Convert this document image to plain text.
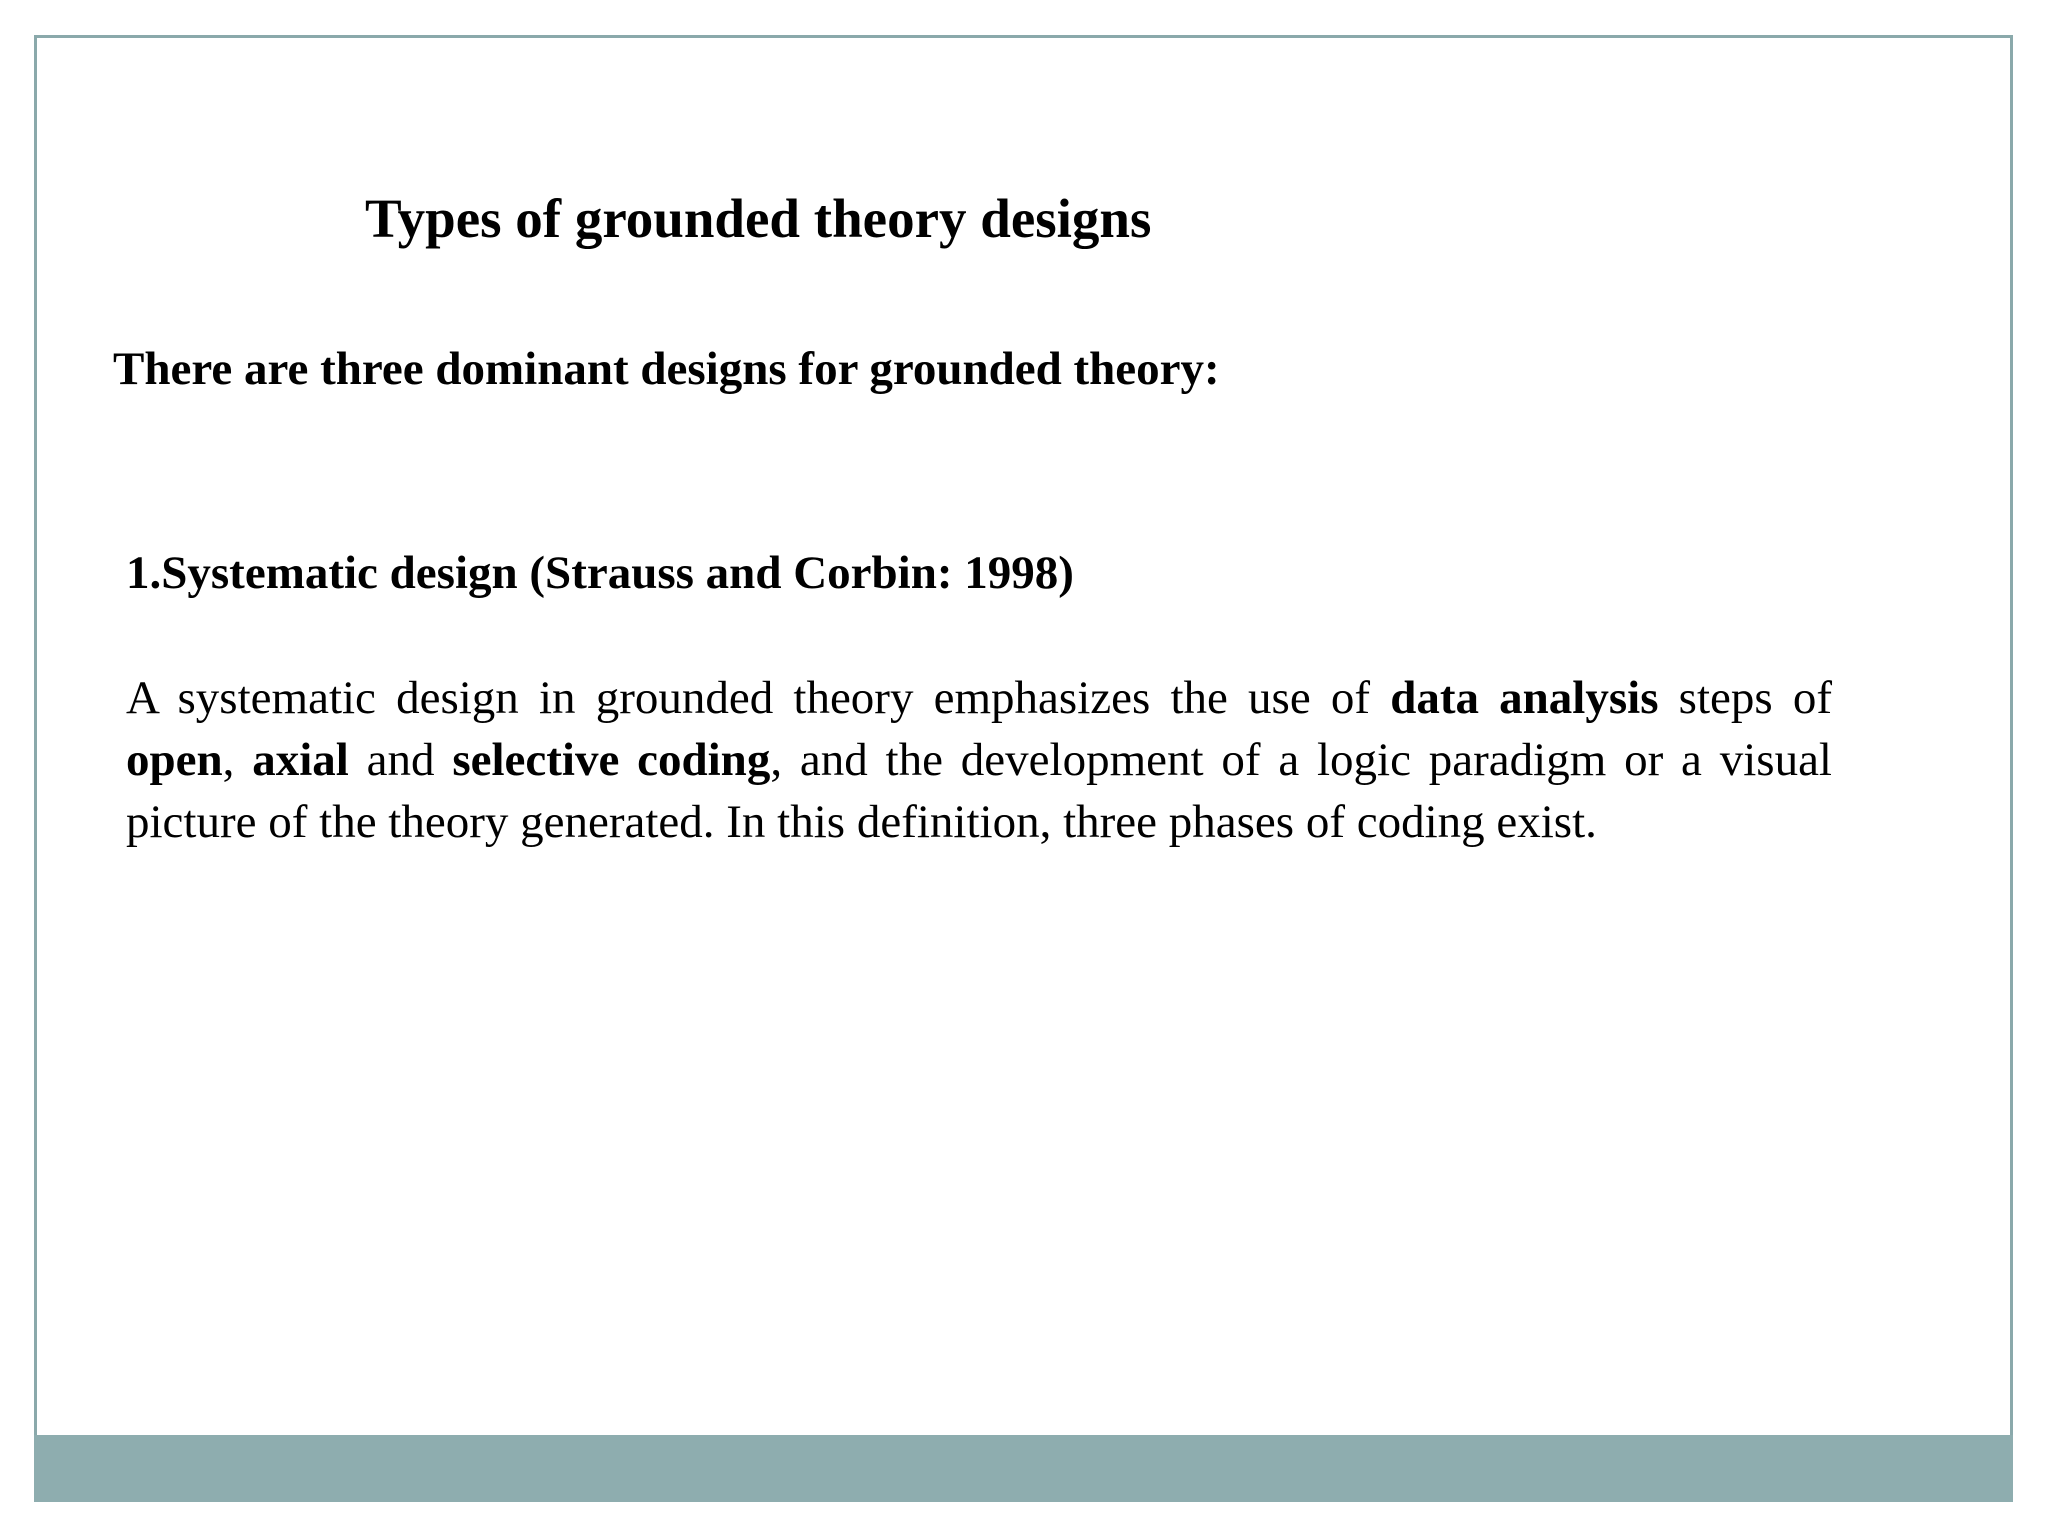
Types of grounded theory designs
There are three dominant designs for grounded theory:
1.Systematic design (Strauss and Corbin: 1998)

A systematic design in grounded theory emphasizes the use of data analysis steps of open, axial and selective coding, and the development of a logic paradigm or a visual picture of the theory generated. In this definition, three phases of coding exist.
